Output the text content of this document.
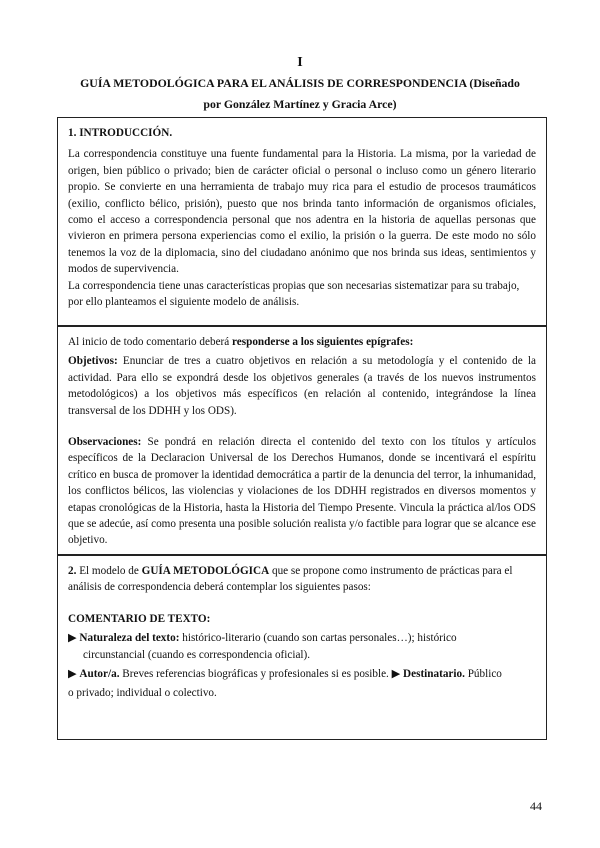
I
GUÍA METODOLÓGICA PARA EL ANÁLISIS DE CORRESPONDENCIA (Diseñado
por González Martínez y Gracia Arce)

1. INTRODUCCIÓN.

La correspondencia constituye una fuente fundamental para la Historia. La misma, por la variedad de origen, bien público o privado; bien de carácter oficial o personal o incluso como un género literario propio. Se convierte en una herramienta de trabajo muy rica para el estudio de procesos traumáticos (exilio, conflicto bélico, prisión), puesto que nos brinda tanto información de organismos oficiales, como el acceso a correspondencia personal que nos adentra en la historia de aquellas personas que vivieron en primera persona experiencias como el exilio, la prisión o la guerra. De este modo no sólo tenemos la voz de la diplomacia, sino del ciudadano anónimo que nos brinda sus ideas, sentimientos y modos de supervivencia.

La correspondencia tiene unas características propias que son necesarias sistematizar para su trabajo, por ello planteamos el siguiente modelo de análisis.

Al inicio de todo comentario deberá responderse a los siguientes epígrafes:

Objetivos: Enunciar de tres a cuatro objetivos en relación a su metodología y el contenido de la actividad. Para ello se expondrá desde los objetivos generales (a través de los nuevos instrumentos metodológicos) a los objetivos más específicos (en relación al contenido, integrándose la línea transversal de los DDHH y los ODS).

Observaciones: Se pondrá en relación directa el contenido del texto con los títulos y artículos específicos de la Declaracion Universal de los Derechos Humanos, donde se incentivará el espíritu crítico en busca de promover la identidad democrática a partir de la denuncia del terror, la inhumanidad, los conflictos bélicos, las violencias y violaciones de los DDHH registrados en diversos momentos y etapas cronológicas de la Historia, hasta la Historia del Tiempo Presente. Vincula la práctica al/los ODS que se adecúe, así como presenta una posible solución realista y/o factible para lograr que se alcance ese objetivo.

2. El modelo de GUÍA METODOLÓGICA que se propone como instrumento de prácticas para el análisis de correspondencia deberá contemplar los siguientes pasos:

COMENTARIO DE TEXTO:

▶ Naturaleza del texto: histórico-literario (cuando son cartas personales…); histórico

circunstancial (cuando es correspondencia oficial).

▶ Autor/a. Breves referencias biográficas y profesionales si es posible. ▶ Destinatario. Público

o privado; individual o colectivo.

44
